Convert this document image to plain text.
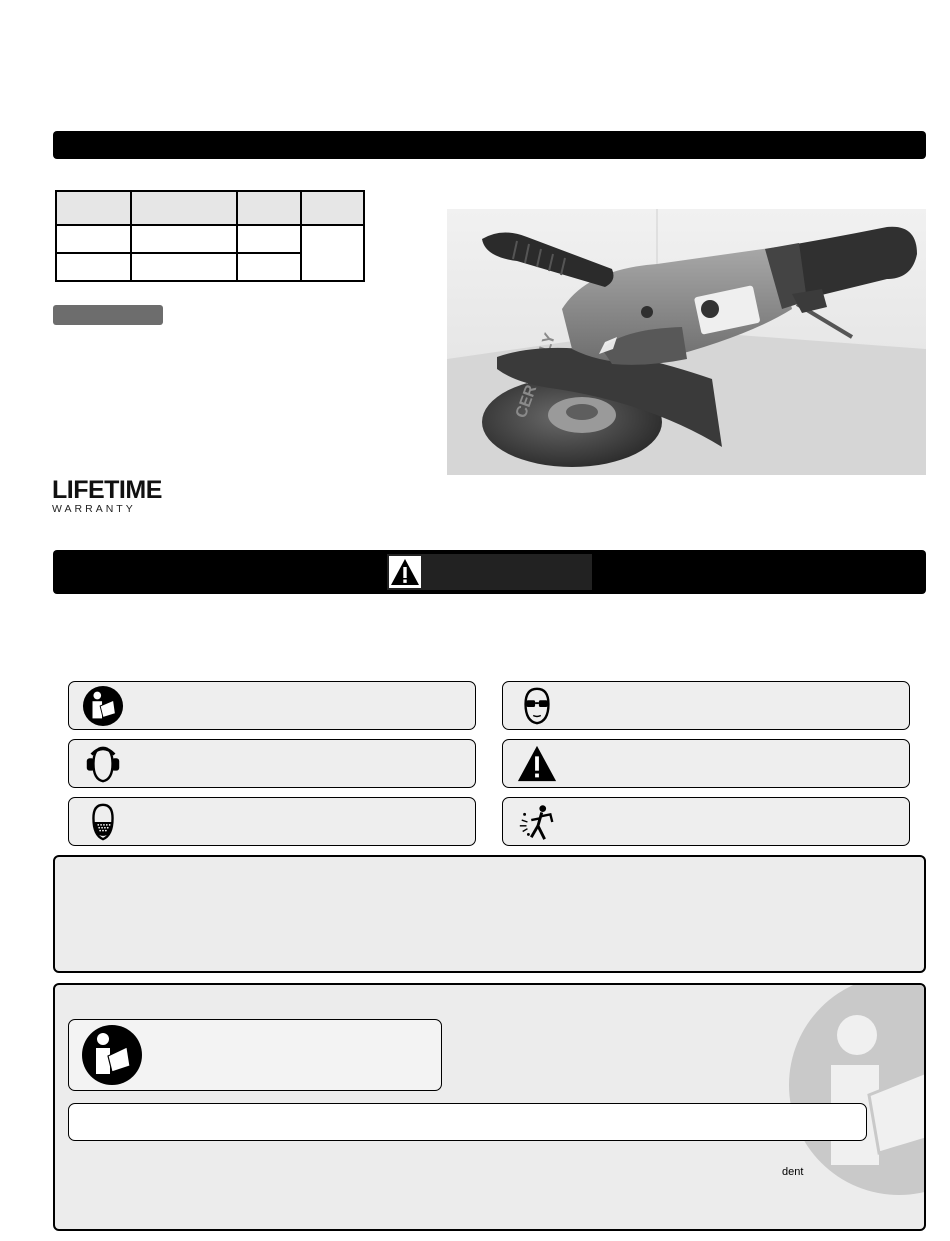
LIFETIME
WARRANTY
dent
